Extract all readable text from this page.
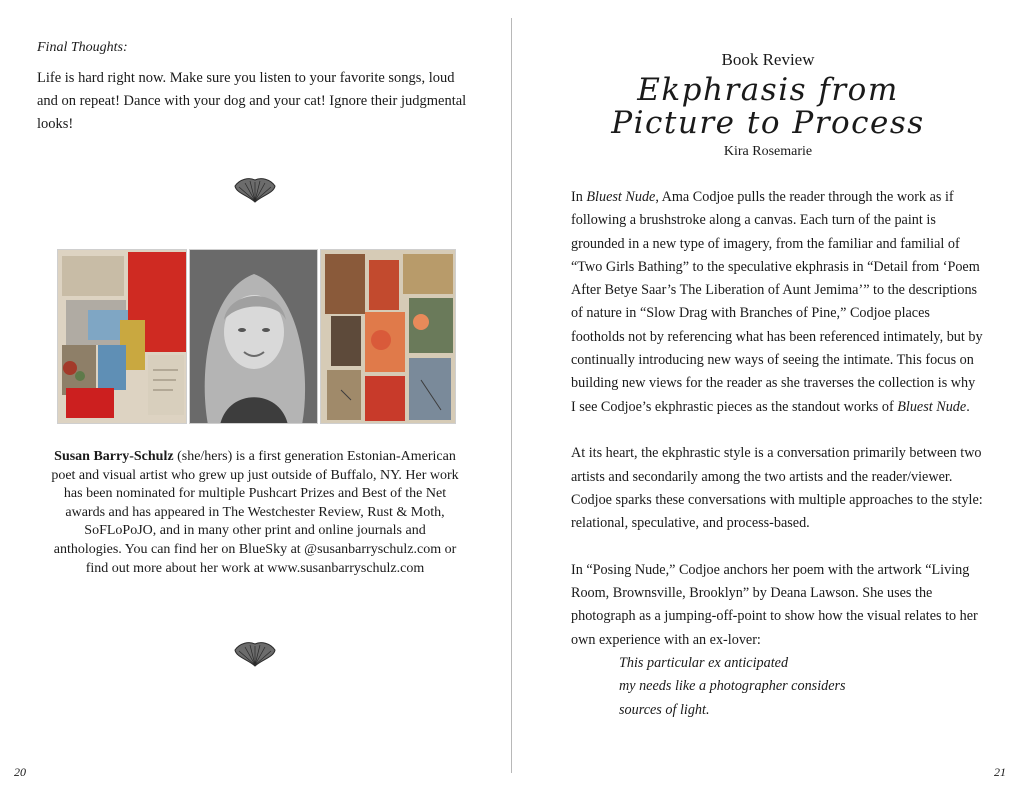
Final Thoughts:
Life is hard right now. Make sure you listen to your favorite songs, loud and on repeat! Dance with your dog and your cat! Ignore their judgmental looks!
Susan Barry-Schulz (she/hers) is a first generation Estonian-American poet and visual artist who grew up just outside of Buffalo, NY. Her work has been nominated for multiple Pushcart Prizes and Best of the Net awards and has appeared in The Westchester Review, Rust & Moth, SoFLoPoJO, and in many other print and online journals and anthologies. You can find her on BlueSky at @susanbarryschulz.com or find out more about her work at www.susanbarryschulz.com
20
Book Review
Ekphrasis from
Picture to Process
Kira Rosemarie

In Bluest Nude, Ama Codjoe pulls the reader through the work as if following a brushstroke along a canvas. Each turn of the paint is grounded in a new type of imagery, from the familiar and familial of “Two Girls Bathing” to the speculative ekphrasis in “Detail from ‘Poem After Betye Saar’s The Liberation of Aunt Jemima’” to the descriptions of nature in “Slow Drag with Branches of Pine,” Codjoe places footholds not by referencing what has been referenced intimately, but by continually introducing new ways of seeing the intimate. This focus on building new views for the reader as she traverses the collection is why I see Codjoe’s ekphrastic pieces as the standout works of Bluest Nude.

At its heart, the ekphrastic style is a conversation primarily between two artists and secondarily among the two artists and the reader/viewer. Codjoe sparks these conversations with multiple approaches to the style: relational, speculative, and process-based.

In “Posing Nude,” Codjoe anchors her poem with the artwork “Living Room, Brownsville, Brooklyn” by Deana Lawson. She uses the photograph as a jumping-off-point to show how the visual relates to her own experience with an ex-lover:

This particular ex anticipated
my needs like a photographer considers
sources of light.
21
